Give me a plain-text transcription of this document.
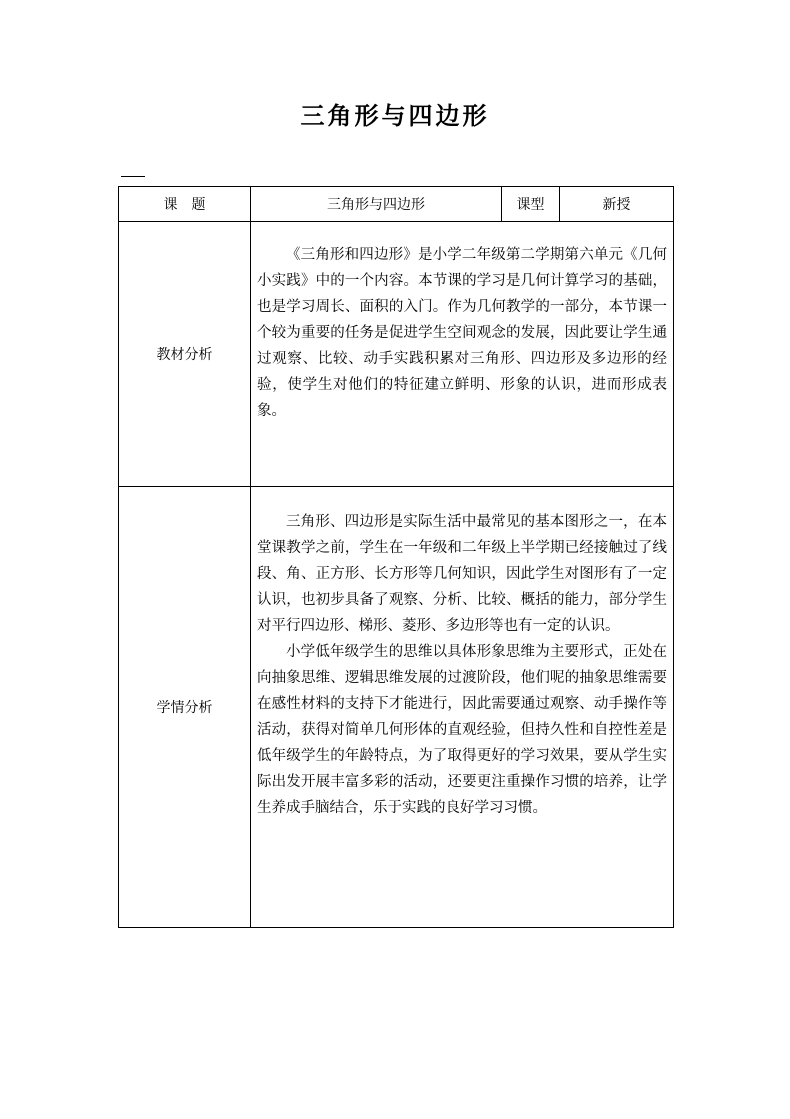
三角形与四边形
课　题	三角形与四边形	课型	新授
教材分析	《三角形和四边形》是小学二年级第二学期第六单元《几何小实践》中的一个内容。本节课的学习是几何计算学习的基础，也是学习周长、面积的入门。作为几何教学的一部分，本节课一个较为重要的任务是促进学生空间观念的发展，因此要让学生通过观察、比较、动手实践积累对三角形、四边形及多边形的经验，使学生对他们的特征建立鲜明、形象的认识，进而形成表象。		

学情分析	三角形、四边形是实际生活中最常见的基本图形之一，在本堂课教学之前，学生在一年级和二年级上半学期已经接触过了线段、角、正方形、长方形等几何知识，因此学生对图形有了一定认识，也初步具备了观察、分析、比较、概括的能力，部分学生对平行四边形、梯形、菱形、多边形等也有一定的认识。

小学低年级学生的思维以具体形象思维为主要形式，正处在向抽象思维、逻辑思维发展的过渡阶段，他们呢的抽象思维需要在感性材料的支持下才能进行，因此需要通过观察、动手操作等活动，获得对简单几何形体的直观经验，但持久性和自控性差是低年级学生的年龄特点，为了取得更好的学习效果，要从学生实际出发开展丰富多彩的活动，还要更注重操作习惯的培养，让学生养成手脑结合，乐于实践的良好学习习惯。		
